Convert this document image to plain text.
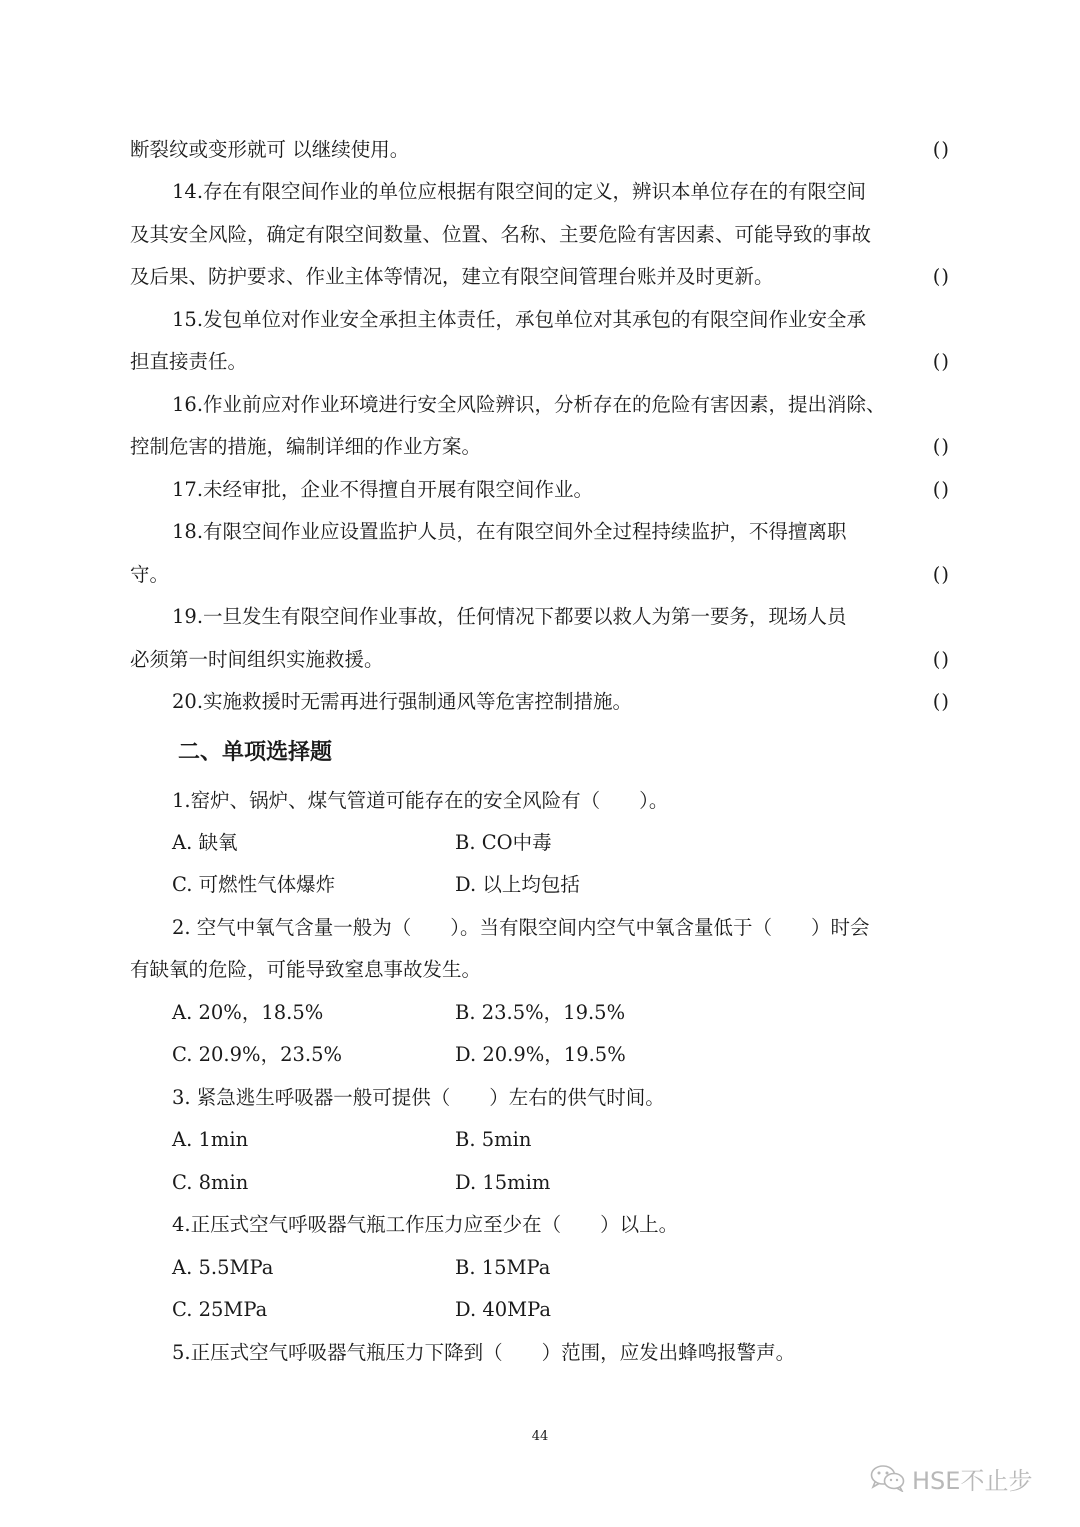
断裂纹或变形就可 以继续使用。	()
14.存在有限空间作业的单位应根据有限空间的定义，辨识本单位存在的有限空间
及其安全风险，确定有限空间数量、位置、名称、主要危险有害因素、可能导致的事故
及后果、防护要求、作业主体等情况，建立有限空间管理台账并及时更新。	()
15.发包单位对作业安全承担主体责任，承包单位对其承包的有限空间作业安全承
担直接责任。	()
16.作业前应对作业环境进行安全风险辨识，分析存在的危险有害因素，提出消除、
控制危害的措施，编制详细的作业方案。	()
17.未经审批，企业不得擅自开展有限空间作业。	()
18.有限空间作业应设置监护人员，在有限空间外全过程持续监护，不得擅离职
守。	()
19.一旦发生有限空间作业事故，任何情况下都要以救人为第一要务，现场人员
必须第一时间组织实施救援。	()
20.实施救援时无需再进行强制通风等危害控制措施。	()
二、单项选择题
1.窑炉、锅炉、煤气管道可能存在的安全风险有（　　）。
A. 缺氧	B. CO中毒
C. 可燃性气体爆炸	D. 以上均包括
2. 空气中氧气含量一般为（　　）。当有限空间内空气中氧含量低于（　　）时会
有缺氧的危险，可能导致窒息事故发生。
A. 20%，18.5%	B. 23.5%，19.5%
C. 20.9%，23.5%	D. 20.9%，19.5%
3. 紧急逃生呼吸器一般可提供（　　）左右的供气时间。
A. 1min	B. 5min
C. 8min	D. 15mim
4.正压式空气呼吸器气瓶工作压力应至少在（　　）以上。
A. 5.5MPa	B. 15MPa
C. 25MPa	D. 40MPa
5.正压式空气呼吸器气瓶压力下降到（　　）范围，应发出蜂鸣报警声。
44
HSE不止步
